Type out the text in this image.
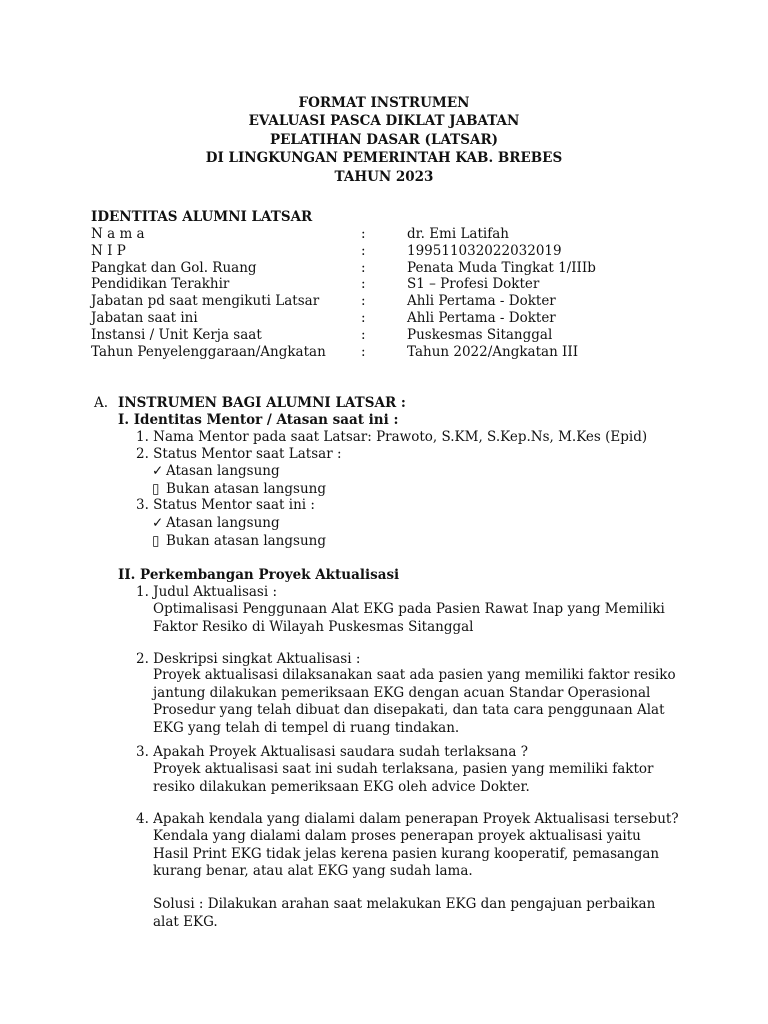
FORMAT INSTRUMEN
EVALUASI PASCA DIKLAT JABATAN
PELATIHAN DASAR (LATSAR)
DI LINGKUNGAN PEMERINTAH KAB. BREBES
TAHUN 2023
IDENTITAS ALUMNI LATSAR
N a m a	:	dr. Emi Latifah
N I P	:	199511032022032019
Pangkat dan Gol. Ruang	:	Penata Muda Tingkat 1/IIIb
Pendidikan Terakhir	:	S1 – Profesi Dokter
Jabatan pd saat mengikuti Latsar	:	Ahli Pertama - Dokter
Jabatan saat ini	:	Ahli Pertama - Dokter
Instansi / Unit Kerja saat	:	Puskesmas Sitanggal
Tahun Penyelenggaraan/Angkatan	:	Tahun 2022/Angkatan III
A. INSTRUMEN BAGI ALUMNI LATSAR :
I. Identitas Mentor / Atasan saat ini :
1. Nama Mentor pada saat Latsar: Prawoto, S.KM, S.Kep.Ns, M.Kes (Epid)
2. Status Mentor saat Latsar :
✓ Atasan langsung
▯ Bukan atasan langsung
3. Status Mentor saat ini :
✓ Atasan langsung
▯ Bukan atasan langsung
II. Perkembangan Proyek Aktualisasi
1. Judul Aktualisasi :
Optimalisasi Penggunaan Alat EKG pada Pasien Rawat Inap yang Memiliki
Faktor Resiko di Wilayah Puskesmas Sitanggal
2. Deskripsi singkat Aktualisasi :
Proyek aktualisasi dilaksanakan saat ada pasien yang memiliki faktor resiko
jantung dilakukan pemeriksaan EKG dengan acuan Standar Operasional
Prosedur yang telah dibuat dan disepakati, dan tata cara penggunaan Alat
EKG yang telah di tempel di ruang tindakan.
3. Apakah Proyek Aktualisasi saudara sudah terlaksana ?
Proyek aktualisasi saat ini sudah terlaksana, pasien yang memiliki faktor
resiko dilakukan pemeriksaan EKG oleh advice Dokter.
4. Apakah kendala yang dialami dalam penerapan Proyek Aktualisasi tersebut?
Kendala yang dialami dalam proses penerapan proyek aktualisasi yaitu
Hasil Print EKG tidak jelas kerena pasien kurang kooperatif, pemasangan
kurang benar, atau alat EKG yang sudah lama.
Solusi : Dilakukan arahan saat melakukan EKG dan pengajuan perbaikan
alat EKG.
